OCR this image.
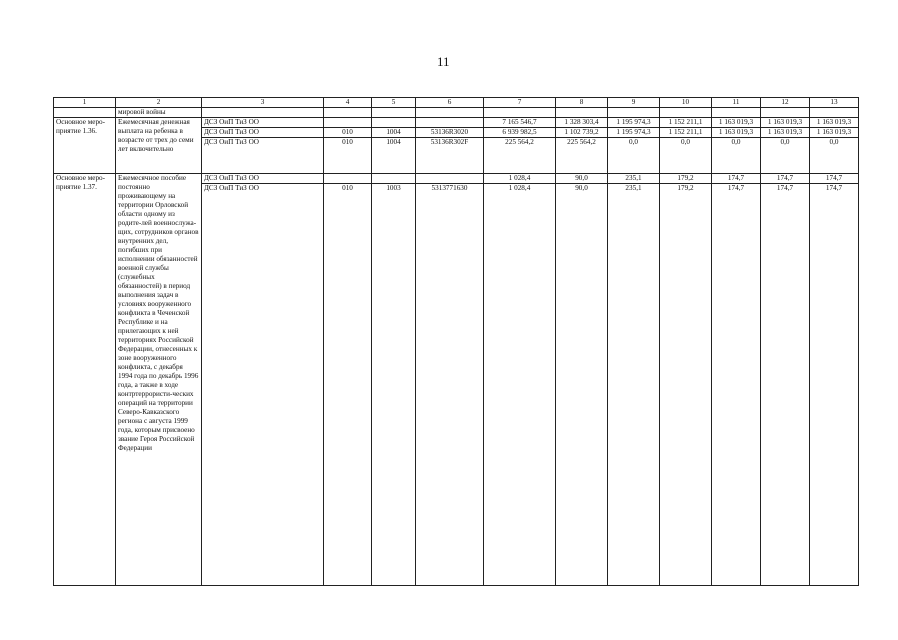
11
1	2	3	4	5	6	7	8	9	10	11	12	13
	мировой войны											
Основное меро-приятие 1.36.	Ежемесячная денежная выплата на ребенка в возрасте от трех до семи лет включительно	ДСЗ ОиП ТиЗ ОО				7 165 546,7	1 328 303,4	1 195 974,3	1 152 211,1	1 163 019,3	1 163 019,3	1 163 019,3
		ДСЗ ОиП ТиЗ ОО	010	1004	53136R3020	6 939 982,5	1 102 739,2	1 195 974,3	1 152 211,1	1 163 019,3	1 163 019,3	1 163 019,3
		ДСЗ ОиП ТиЗ ОО	010	1004	53136R302F	225 564,2	225 564,2	0,0	0,0	0,0	0,0	0,0
Основное меро-приятие 1.37.	Ежемесячное пособие постоянно проживающему на территории Орловской области одному из родите-лей военнослужа-щих, сотрудников органов внутренних дел, погибших при исполнении обязанностей военной службы (служебных обязанностей) в период выполнения задач в условиях вооруженного конфликта в Чеченской Республике и на прилегающих к ней территориях Российской Федерации, отнесенных к зоне вооруженного конфликта, с декабря 1994 года по декабрь 1996 года, а также в ходе контртеррористи-ческих операций на территории Северо-Кавказского региона с августа 1999 года, которым присвоено звание Героя Российской Федерации	ДСЗ ОиП ТиЗ ОО				1 028,4	90,0	235,1	179,2	174,7	174,7	174,7
		ДСЗ ОиП ТиЗ ОО	010	1003	5313771630	1 028,4	90,0	235,1	179,2	174,7	174,7	174,7
